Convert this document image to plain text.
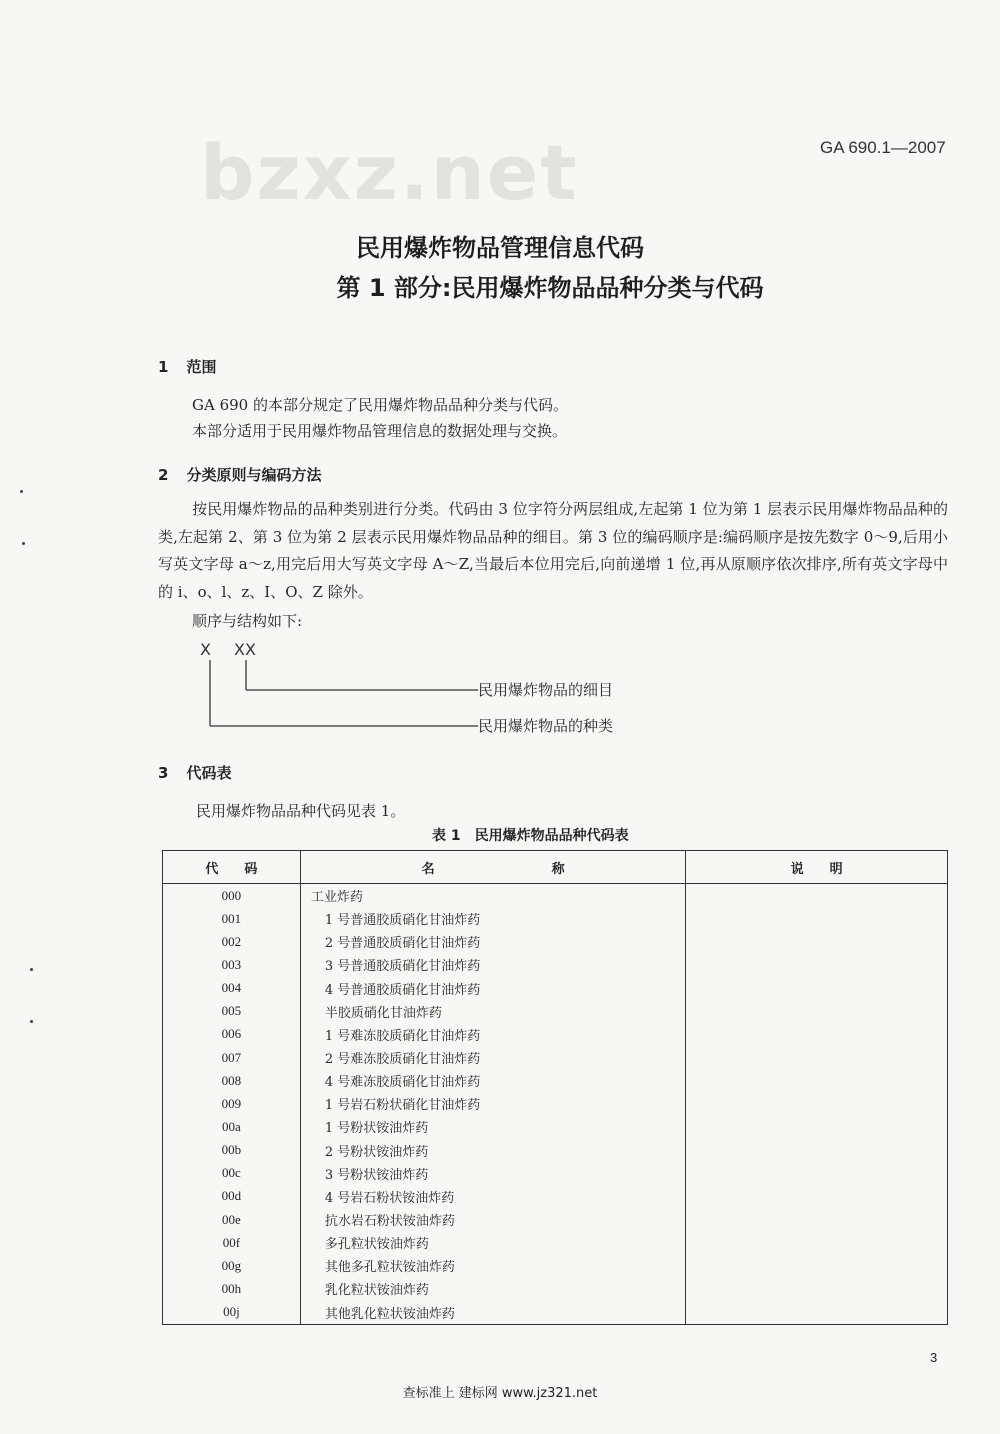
bzxz.net	GA 690.1—2007
民用爆炸物品管理信息代码
第 1 部分:民用爆炸物品品种分类与代码
1 范围
GA 690 的本部分规定了民用爆炸物品品种分类与代码。
本部分适用于民用爆炸物品管理信息的数据处理与交换。
2 分类原则与编码方法
按民用爆炸物品的品种类别进行分类。代码由 3 位字符分两层组成,左起第 1 位为第 1 层表示民用爆炸物品品种的类,左起第 2、第 3 位为第 2 层表示民用爆炸物品品种的细目。第 3 位的编码顺序是:编码顺序是按先数字 0～9,后用小写英文字母 a～z,用完后用大写英文字母 A～Z,当最后本位用完后,向前递增 1 位,再从原顺序依次排序,所有英文字母中的 i、o、l、z、I、O、Z 除外。
顺序与结构如下:
X XX
民用爆炸物品的细目
民用爆炸物品的种类
3 代码表
民用爆炸物品品种代码见表 1。
表 1　民用爆炸物品品种代码表
代　　码	名　　　　　　　　　称	说　　明
000	工业炸药	
001	1 号普通胶质硝化甘油炸药	
002	2 号普通胶质硝化甘油炸药	
003	3 号普通胶质硝化甘油炸药	
004	4 号普通胶质硝化甘油炸药	
005	半胶质硝化甘油炸药	
006	1 号难冻胶质硝化甘油炸药	
007	2 号难冻胶质硝化甘油炸药	
008	4 号难冻胶质硝化甘油炸药	
009	1 号岩石粉状硝化甘油炸药	
00a	1 号粉状铵油炸药	
00b	2 号粉状铵油炸药	
00c	3 号粉状铵油炸药	
00d	4 号岩石粉状铵油炸药	
00e	抗水岩石粉状铵油炸药	
00f	多孔粒状铵油炸药	
00g	其他多孔粒状铵油炸药	
00h	乳化粒状铵油炸药	
00j	其他乳化粒状铵油炸药	
3
查标准上 建标网 www.jz321.net
